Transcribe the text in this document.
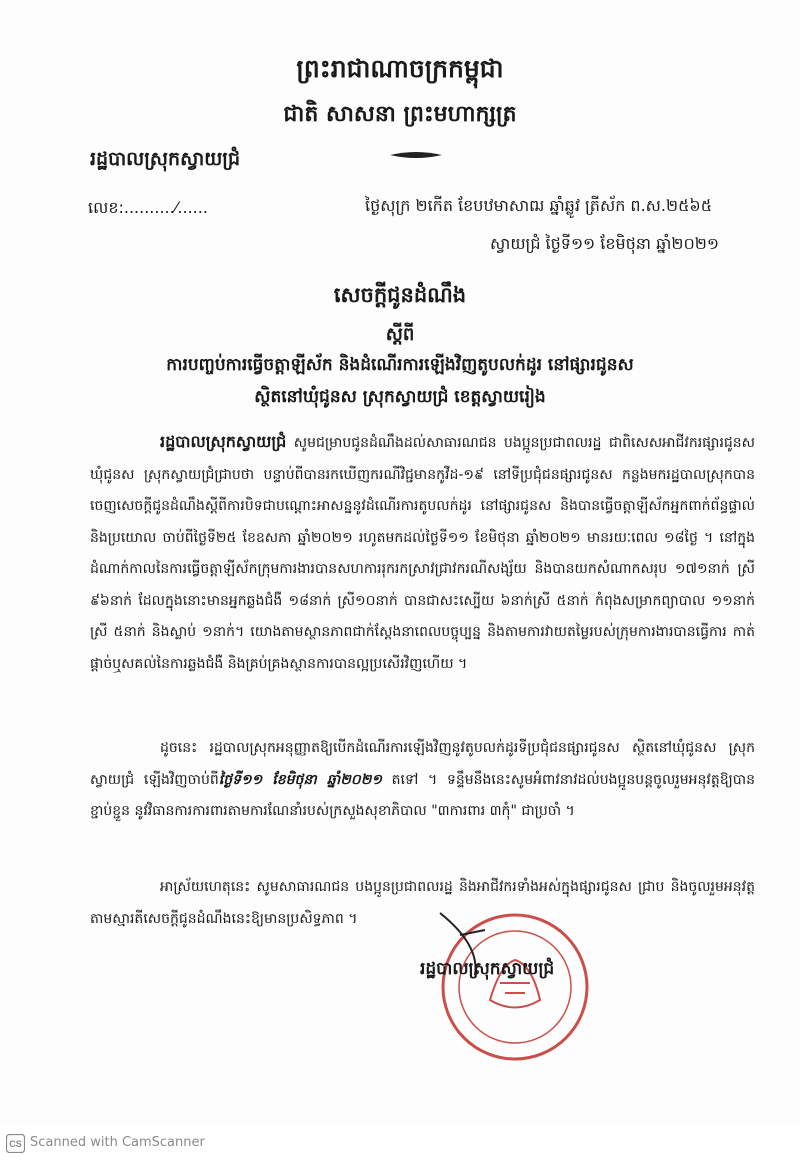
ព្រះរាជាណាចក្រកម្ពុជា
ជាតិ សាសនា ព្រះមហាក្សត្រ
រដ្ឋបាលស្រុកស្វាយជ្រំ
លេខ:..........⁄......	ថ្ងៃសុក្រ ២កើត ខែបឋមាសាឍ ឆ្នាំឆ្លូវ ត្រីស័ក ព.ស.២៥៦៥
ស្វាយជ្រំ ថ្ងៃទី១១ ខែមិថុនា ឆ្នាំ២០២១
សេចក្តីជូនដំណឹង
ស្តីពី
ការបញ្ចប់ការធ្វើចត្តាឡីស័ក និងដំណើរការឡើងវិញតូបលក់ដូរ នៅផ្សារជូនស
ស្ថិតនៅឃុំជូនស ស្រុកស្វាយជ្រំ ខេត្តស្វាយរៀង
រដ្ឋបាលស្រុកស្វាយជ្រំ សូមជម្រាបជូនដំណឹងដល់សាធារណជន បងប្អូនប្រជាពលរដ្ឋ ជាពិសេសអាជីវករផ្សារជូនស ឃុំជូនស ស្រុកស្វាយជ្រំជ្រាបថា បន្ទាប់ពីបានរកឃើញករណីវិជ្ជមានកូវីដ-១៩ នៅទីប្រជុំជនផ្សារជូនស កន្លងមករដ្ឋបាលស្រុកបានចេញសេចក្តីជូនដំណឹងស្តីពីការបិទជាបណ្តោះអាសន្ននូវដំណើរការតូបលក់ដូរ នៅផ្សារជូនស និងបានធ្វើចត្តាឡីស័កអ្នកពាក់ព័ន្ធផ្ទាល់ និងប្រយោល ចាប់ពីថ្ងៃទី២៥ ខែឧសភា ឆ្នាំ២០២១ រហូតមកដល់ថ្ងៃទី១១ ខែមិថុនា ឆ្នាំ២០២១ មានរយៈពេល ១៨ថ្ងៃ ។ នៅក្នុងដំណាក់កាលនៃការធ្វើចត្តាឡីស័កក្រុមការងារបានសហការរុករកស្រាវជ្រាវករណីសង្ស័យ និងបានយកសំណាកសរុប ១៧១នាក់ ស្រី ៩៦នាក់ ដែលក្នុងនោះមានអ្នកឆ្លងជំងឺ ១៨នាក់ ស្រី១០នាក់ បានជាសះស្បើយ ៦នាក់ស្រី ៥នាក់ កំពុងសម្រាកព្យាបាល ១១នាក់ ស្រី ៥នាក់ និងស្លាប់ ១នាក់។ យោងតាមស្ថានភាពជាក់ស្តែងនាពេលបច្ចុប្បន្ន និងតាមការវាយតម្លៃរបស់ក្រុមការងារបានធ្វើការ កាត់ផ្តាច់ឬសគល់នៃការឆ្លងជំងឺ និងគ្រប់គ្រងស្ថានការបានល្អប្រសើរវិញហើយ ។
ដូចនេះ រដ្ឋបាលស្រុកអនុញ្ញាតឱ្យបើកដំណើរការឡើងវិញនូវតូបលក់ដូរទីប្រជុំជនផ្សារជូនស ស្ថិតនៅឃុំជូនស ស្រុកស្វាយជ្រំ ឡើងវិញចាប់ពីថ្ងៃទី១១ ខែមិថុនា ឆ្នាំ២០២១ តទៅ ។ ទន្ទឹមនឹងនេះសូមអំពាវនាវដល់បងប្អូនបន្តចូលរួមអនុវត្តឱ្យបានខ្ជាប់ខ្ជួន នូវវិធានការការពារតាមការណែនាំរបស់ក្រសួងសុខាភិបាល "៣ការពារ ៣កុំ" ជាប្រចាំ ។
អាស្រ័យហេតុនេះ សូមសាធារណជន បងប្អូនប្រជាពលរដ្ឋ និងអាជីវករទាំងអស់ក្នុងផ្សារជូនស ជ្រាប និងចូលរួមអនុវត្តតាមស្មារតីសេចក្តីជូនដំណឹងនេះឱ្យមានប្រសិទ្ធភាព ។
រដ្ឋបាលស្រុកស្វាយជ្រំ
CS Scanned with CamScanner
